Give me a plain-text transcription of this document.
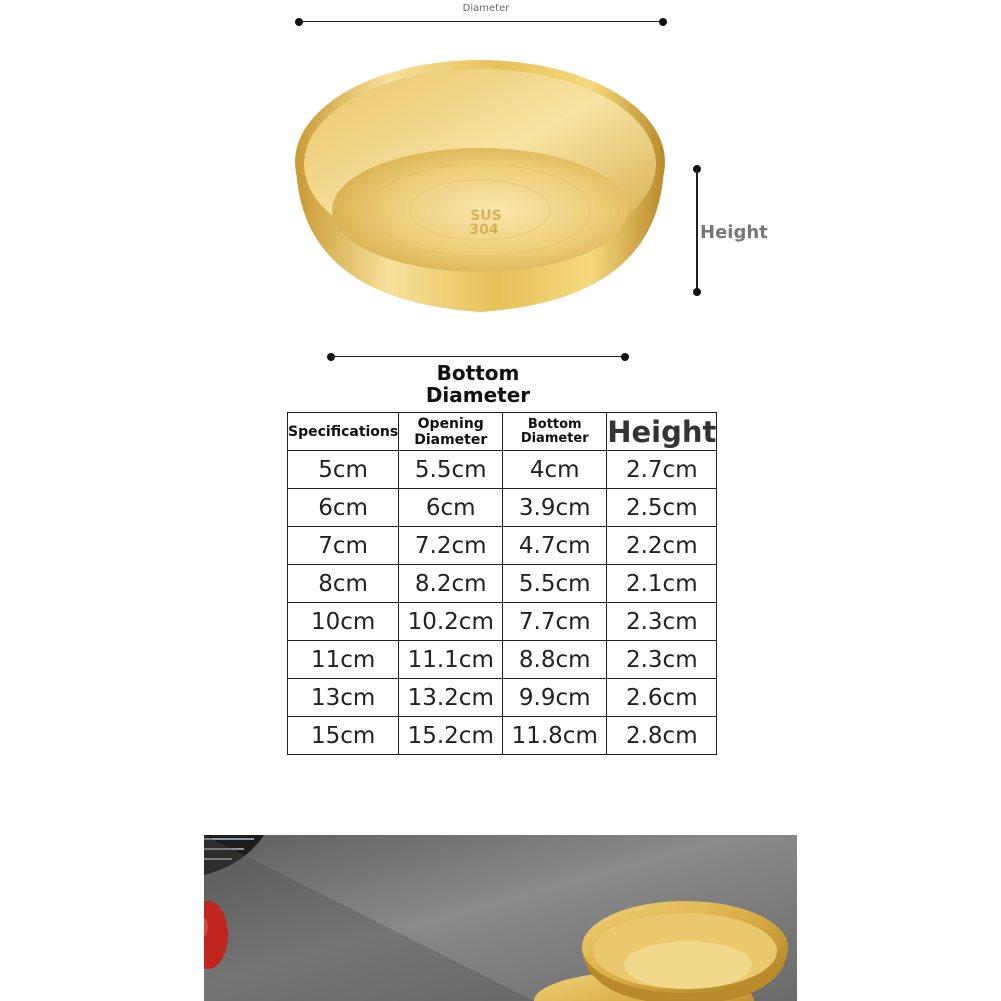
Diameter
SUS
304	Height
Bottom Diameter
Specifications	Opening Diameter	Bottom Diameter	Height
5cm	5.5cm	4cm	2.7cm
6cm	6cm	3.9cm	2.5cm
7cm	7.2cm	4.7cm	2.2cm
8cm	8.2cm	5.5cm	2.1cm
10cm	10.2cm	7.7cm	2.3cm
11cm	11.1cm	8.8cm	2.3cm
13cm	13.2cm	9.9cm	2.6cm
15cm	15.2cm	11.8cm	2.8cm
